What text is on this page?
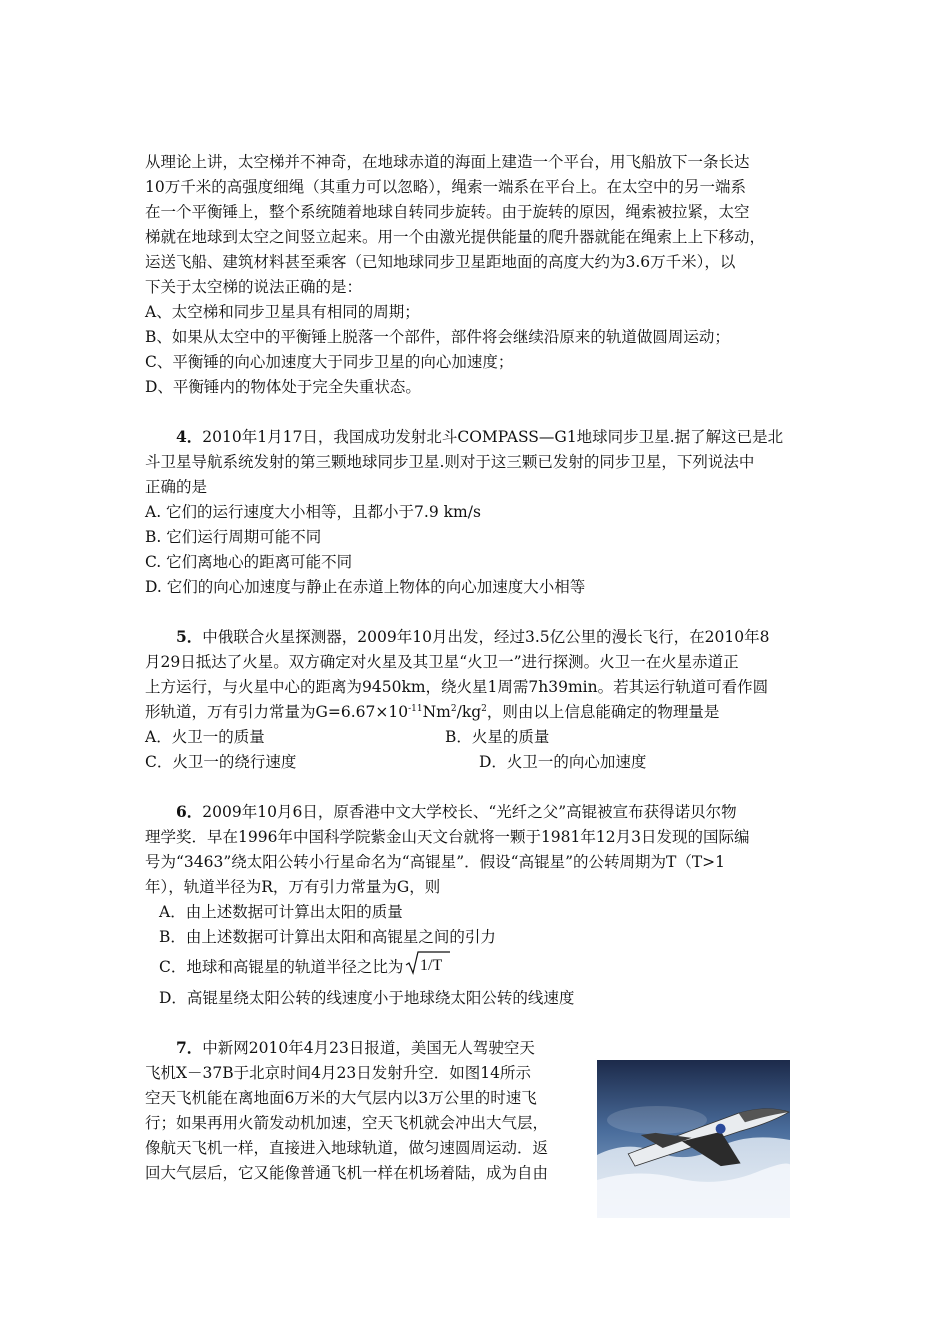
从理论上讲，太空梯并不神奇，在地球赤道的海面上建造一个平台，用飞船放下一条长达

10万千米的高强度细绳（其重力可以忽略），绳索一端系在平台上。在太空中的另一端系

在一个平衡锤上，整个系统随着地球自转同步旋转。由于旋转的原因，绳索被拉紧，太空

梯就在地球到太空之间竖立起来。用一个由激光提供能量的爬升器就能在绳索上上下移动，

运送飞船、建筑材料甚至乘客（已知地球同步卫星距地面的高度大约为3.6万千米），以

下关于太空梯的说法正确的是：

A、太空梯和同步卫星具有相同的周期；

B、如果从太空中的平衡锤上脱落一个部件，部件将会继续沿原来的轨道做圆周运动；

C、平衡锤的向心加速度大于同步卫星的向心加速度；

D、平衡锤内的物体处于完全失重状态。

4．2010年1月17日，我国成功发射北斗COMPASS—G1地球同步卫星.据了解这已是北

斗卫星导航系统发射的第三颗地球同步卫星.则对于这三颗已发射的同步卫星，下列说法中

正确的是

A. 它们的运行速度大小相等，且都小于7.9 km/s

B. 它们运行周期可能不同

C. 它们离地心的距离可能不同

D. 它们的向心加速度与静止在赤道上物体的向心加速度大小相等

5．中俄联合火星探测器，2009年10月出发，经过3.5亿公里的漫长飞行，在2010年8

月29日抵达了火星。双方确定对火星及其卫星“火卫一”进行探测。火卫一在火星赤道正

上方运行，与火星中心的距离为9450km，绕火星1周需7h39min。若其运行轨道可看作圆

形轨道，万有引力常量为$G=6.67\times 10^{-11}Nm^2/kg^2$，则由以上信息能确定的物理量是

A．火卫一的质量	B．火星的质量
C．火卫一的绕行速度	D．火卫一的向心加速度

6．2009年10月6日，原香港中文大学校长、“光纤之父”高锟被宣布获得诺贝尔物

理学奖．早在1996年中国科学院紫金山天文台就将一颗于1981年12月3日发现的国际编

号为“3463”绕太阳公转小行星命名为“高锟星”．假设“高锟星”的公转周期为T（T>1

年），轨道半径为R，万有引力常量为G，则

A．由上述数据可计算出太阳的质量

B．由上述数据可计算出太阳和高锟星之间的引力

C．地球和高锟星的轨道半径之比为 1/T

D．高锟星绕太阳公转的线速度小于地球绕太阳公转的线速度

7．中新网2010年4月23日报道，美国无人驾驶空天

飞机X－37B于北京时间4月23日发射升空．如图14所示

空天飞机能在离地面6万米的大气层内以3万公里的时速飞

行；如果再用火箭发动机加速，空天飞机就会冲出大气层，

像航天飞机一样，直接进入地球轨道，做匀速圆周运动．返

回大气层后，它又能像普通飞机一样在机场着陆，成为自由
